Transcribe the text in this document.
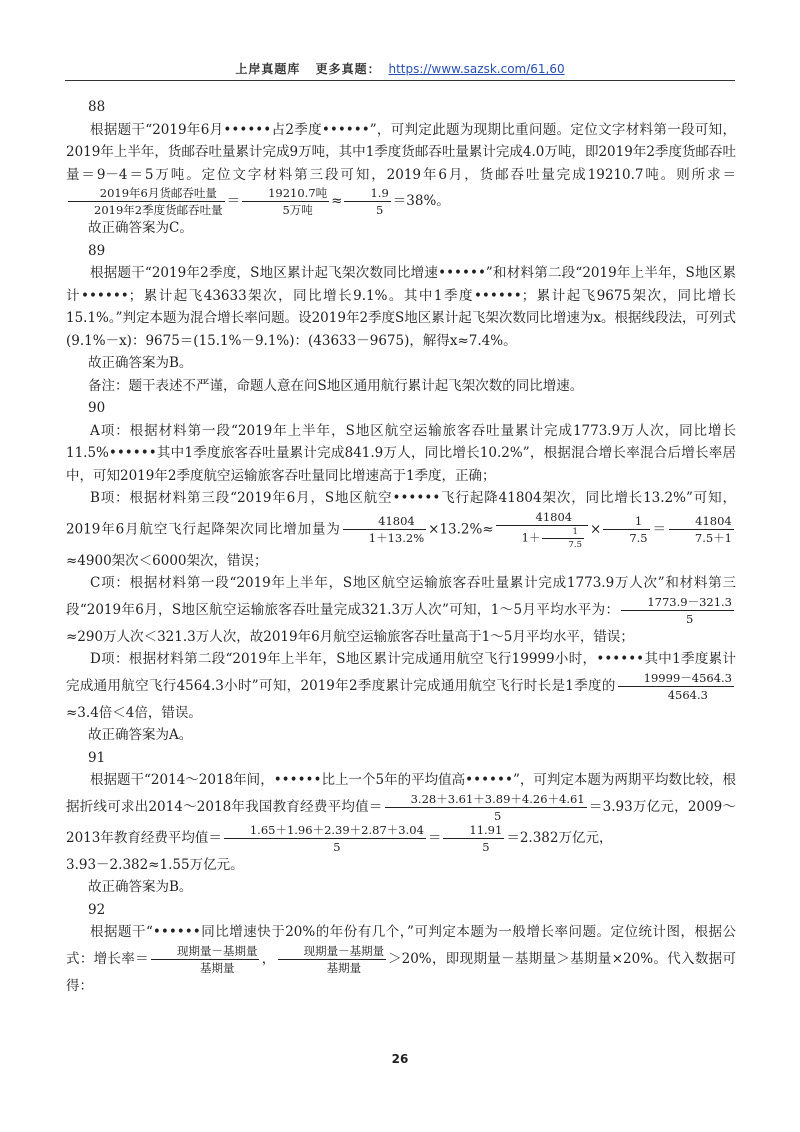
上岸真题库 更多真题： https://www.sazsk.com/61,60

88

根据题干“2019年6月••••••占2季度••••••”，可判定此题为现期比重问题。定位文字材料第一段可知，2019年上半年，货邮吞吐量累计完成9万吨，其中1季度货邮吞吐量累计完成4.0万吨，即2019年2季度货邮吞吐量＝9－4＝5万吨。定位文字材料第三段可知，2019年6月，货邮吞吐量完成19210.7吨。则所求＝
$\frac{\text{2019年6月货邮吞吐量}}{\text{2019年2季度货邮吞吐量}} = \frac{\text{19210.7吨}}{\text{5万吨}} \approx \frac{1.9}{5} =38\%$。

故正确答案为C。

89

根据题干“2019年2季度，S地区累计起飞架次数同比增速••••••”和材料第二段“2019年上半年，S地区累计••••••；累计起飞43633架次，同比增长9.1%。其中1季度••••••；累计起飞9675架次，同比增长15.1%。”判定本题为混合增长率问题。设2019年2季度S地区累计起飞架次数同比增速为x。根据线段法，可列式(9.1%－x)：9675＝(15.1%－9.1%)：(43633－9675)，解得x≈7.4%。

故正确答案为B。

备注：题干表述不严谨，命题人意在问S地区通用航行累计起飞架次数的同比增速。

90

A项：根据材料第一段“2019年上半年，S地区航空运输旅客吞吐量累计完成1773.9万人次，同比增长11.5%••••••其中1季度旅客吞吐量累计完成841.9万人，同比增长10.2%”，根据混合增长率混合后增长率居中，可知2019年2季度航空运输旅客吞吐量同比增速高于1季度，正确；

B项：根据材料第三段“2019年6月，S地区航空••••••飞行起降41804架次，同比增长13.2%”可知，2019年6月航空飞行起降架次同比增加量为 $\frac{41804}{1+13.2\%} \times 13.2\%\approx \frac{41804}{1+ \frac{1}{7.5}} \times \frac{1}{7.5} = \frac{41804}{7.5+1}$
≈4900架次＜6000架次，错误；

C项：根据材料第一段“2019年上半年，S地区航空运输旅客吞吐量累计完成1773.9万人次”和材料第三段“2019年6月，S地区航空运输旅客吞吐量完成321.3万人次”可知，1～5月平均水平为： $\frac{1773.9-321.3}{5}$
≈290万人次＜321.3万人次，故2019年6月航空运输旅客吞吐量高于1～5月平均水平，错误；

D项：根据材料第二段“2019年上半年，S地区累计完成通用航空飞行19999小时，••••••其中1季度累计完成通用航空飞行4564.3小时”可知，2019年2季度累计完成通用航空飞行时长是1季度的 $\frac{19999-4564.3}{4564.3}$
≈3.4倍＜4倍，错误。

故正确答案为A。

91

根据题干“2014～2018年间，••••••比上一个5年的平均值高••••••”，可判定本题为两期平均数比较，根据折线可求出2014～2018年我国教育经费平均值＝ $\frac{3.28+3.61+3.89+4.26+4.61}{5} =3.93$万亿元，2009～2013年教育经费平均值＝ $\frac{1.65+1.96+2.39+2.87+3.04}{5} = \frac{11.91}{5} =2.382$万亿元，

3.93－2.382≈1.55万亿元。

故正确答案为B。

92

根据题干“••••••同比增速快于20%的年份有几个，”可判定本题为一般增长率问题。定位统计图，根据公式：增长率＝ $\frac{\text{现期量－基期量}}{\text{基期量}}$ ， $\frac{\text{现期量－基期量}}{\text{基期量}} >20\%$，即现期量－基期量＞基期量×20%。代入数据可得：

26
